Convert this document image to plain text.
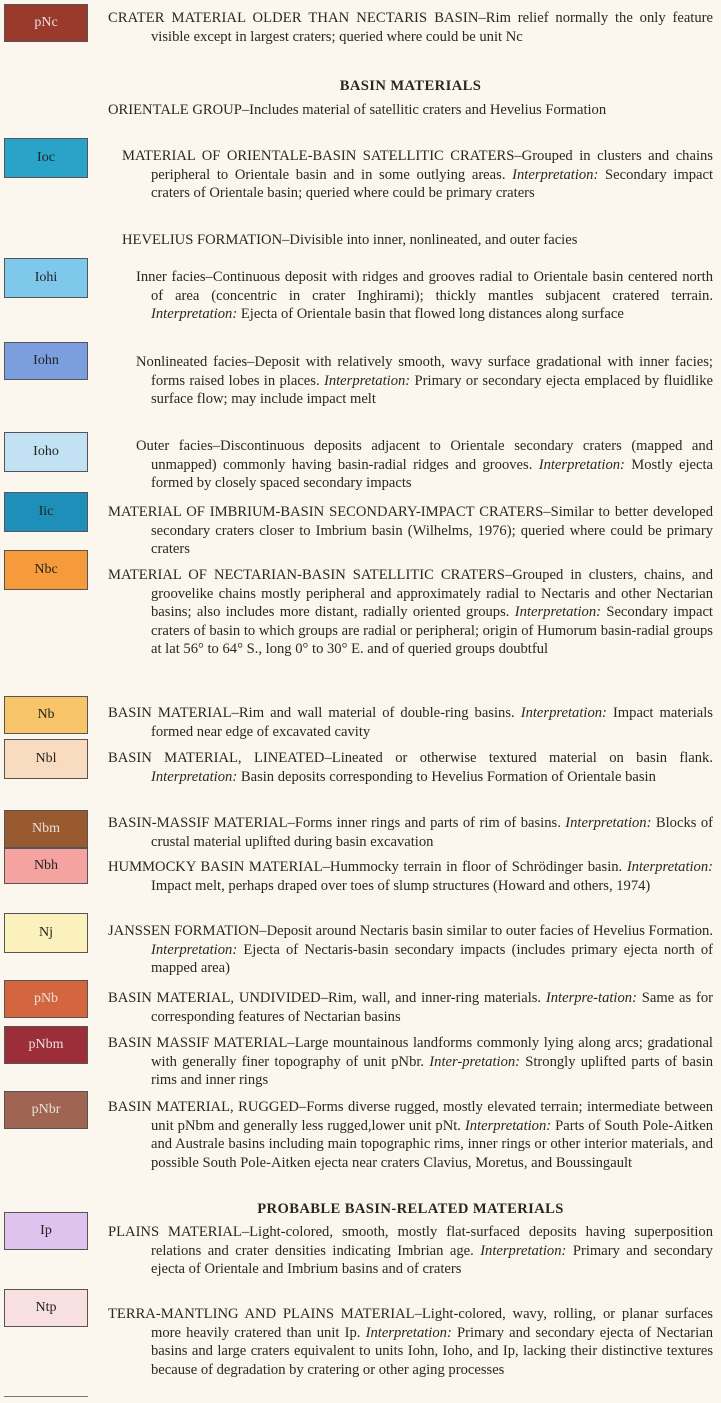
pNc	CRATER MATERIAL OLDER THAN NECTARIS BASIN–Rim relief normally the only feature visible except in largest craters; queried where could be unit Nc
BASIN MATERIALS
ORIENTALE GROUP–Includes material of satellitic craters and Hevelius Formation
Ioc	MATERIAL OF ORIENTALE-BASIN SATELLITIC CRATERS–Grouped in clusters and chains peripheral to Orientale basin and in some outlying areas. Interpretation: Secondary impact craters of Orientale basin; queried where could be primary craters
HEVELIUS FORMATION–Divisible into inner, nonlineated, and outer facies
Iohi	Inner facies–Continuous deposit with ridges and grooves radial to Orientale basin centered north of area (concentric in crater Inghirami); thickly mantles subjacent cratered terrain. Interpretation: Ejecta of Orientale basin that flowed long distances along surface
Iohn	Nonlineated facies–Deposit with relatively smooth, wavy surface gradational with inner facies; forms raised lobes in places. Interpretation: Primary or secondary ejecta emplaced by fluidlike surface flow; may include impact melt
Ioho	Outer facies–Discontinuous deposits adjacent to Orientale secondary craters (mapped and unmapped) commonly having basin-radial ridges and grooves. Interpretation: Mostly ejecta formed by closely spaced secondary impacts
Iic	MATERIAL OF IMBRIUM-BASIN SECONDARY-IMPACT CRATERS–Similar to better developed secondary craters closer to Imbrium basin (Wilhelms, 1976); queried where could be primary craters
Nbc	MATERIAL OF NECTARIAN-BASIN SATELLITIC CRATERS–Grouped in clusters, chains, and groovelike chains mostly peripheral and approximately radial to Nectaris and other Nectarian basins; also includes more distant, radially oriented groups. Interpretation: Secondary impact craters of basin to which groups are radial or peripheral; origin of Humorum basin-radial groups at lat 56° to 64° S., long 0° to 30° E. and of queried groups doubtful
Nb	BASIN MATERIAL–Rim and wall material of double-ring basins. Interpretation: Impact materials formed near edge of excavated cavity
Nbl	BASIN MATERIAL, LINEATED–Lineated or otherwise textured material on basin flank. Interpretation: Basin deposits corresponding to Hevelius Formation of Orientale basin
Nbm	BASIN-MASSIF MATERIAL–Forms inner rings and parts of rim of basins. Interpretation: Blocks of crustal material uplifted during basin excavation
Nbh	HUMMOCKY BASIN MATERIAL–Hummocky terrain in floor of Schrödinger basin. Interpretation: Impact melt, perhaps draped over toes of slump structures (Howard and others, 1974)
Nj	JANSSEN FORMATION–Deposit around Nectaris basin similar to outer facies of Hevelius Formation. Interpretation: Ejecta of Nectaris-basin secondary impacts (includes primary ejecta north of mapped area)
pNb	BASIN MATERIAL, UNDIVIDED–Rim, wall, and inner-ring materials. Interpre-tation: Same as for corresponding features of Nectarian basins
pNbm	BASIN MASSIF MATERIAL–Large mountainous landforms commonly lying along arcs; gradational with generally finer topography of unit pNbr. Inter-pretation: Strongly uplifted parts of basin rims and inner rings
pNbr	BASIN MATERIAL, RUGGED–Forms diverse rugged, mostly elevated terrain; intermediate between unit pNbm and generally less rugged,lower unit pNt. Interpretation: Parts of South Pole-Aitken and Australe basins including main topographic rims, inner rings or other interior materials, and possible South Pole-Aitken ejecta near craters Clavius, Moretus, and Boussingault
PROBABLE BASIN-RELATED MATERIALS
Ip	PLAINS MATERIAL–Light-colored, smooth, mostly flat-surfaced deposits having superposition relations and crater densities indicating Imbrian age. Interpretation: Primary and secondary ejecta of Orientale and Imbrium basins and of craters
Ntp	TERRA-MANTLING AND PLAINS MATERIAL–Light-colored, wavy, rolling, or planar surfaces more heavily cratered than unit Ip. Interpretation: Primary and secondary ejecta of Nectarian basins and large craters equivalent to units Iohn, Ioho, and Ip, lacking their distinctive textures because of degradation by cratering or other aging processes
